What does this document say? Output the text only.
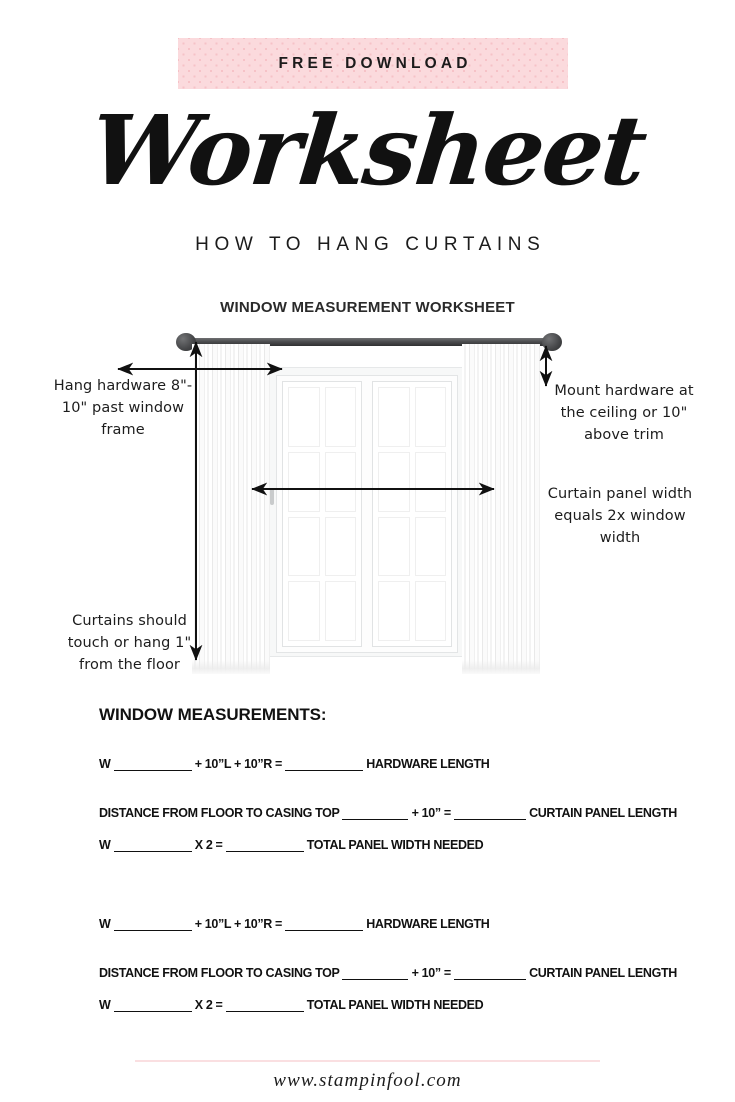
FREE DOWNLOAD
Worksheet
HOW TO HANG CURTAINS
WINDOW MEASUREMENT WORKSHEET
Hang hardware 8"- 10" past window frame
Mount hardware at the ceiling or 10" above trim
Curtain panel width equals 2x window width
Curtains should touch or hang 1" from the floor
WINDOW MEASUREMENTS:
W	+ 10”L + 10”R =	HARDWARE LENGTH
DISTANCE FROM FLOOR TO CASING TOP	+ 10” =	CURTAIN PANEL LENGTH
W	X 2 =	TOTAL PANEL WIDTH NEEDED
W	+ 10”L + 10”R =	HARDWARE LENGTH
DISTANCE FROM FLOOR TO CASING TOP	+ 10” =	CURTAIN PANEL LENGTH
W	X 2 =	TOTAL PANEL WIDTH NEEDED
www.stampinfool.com
